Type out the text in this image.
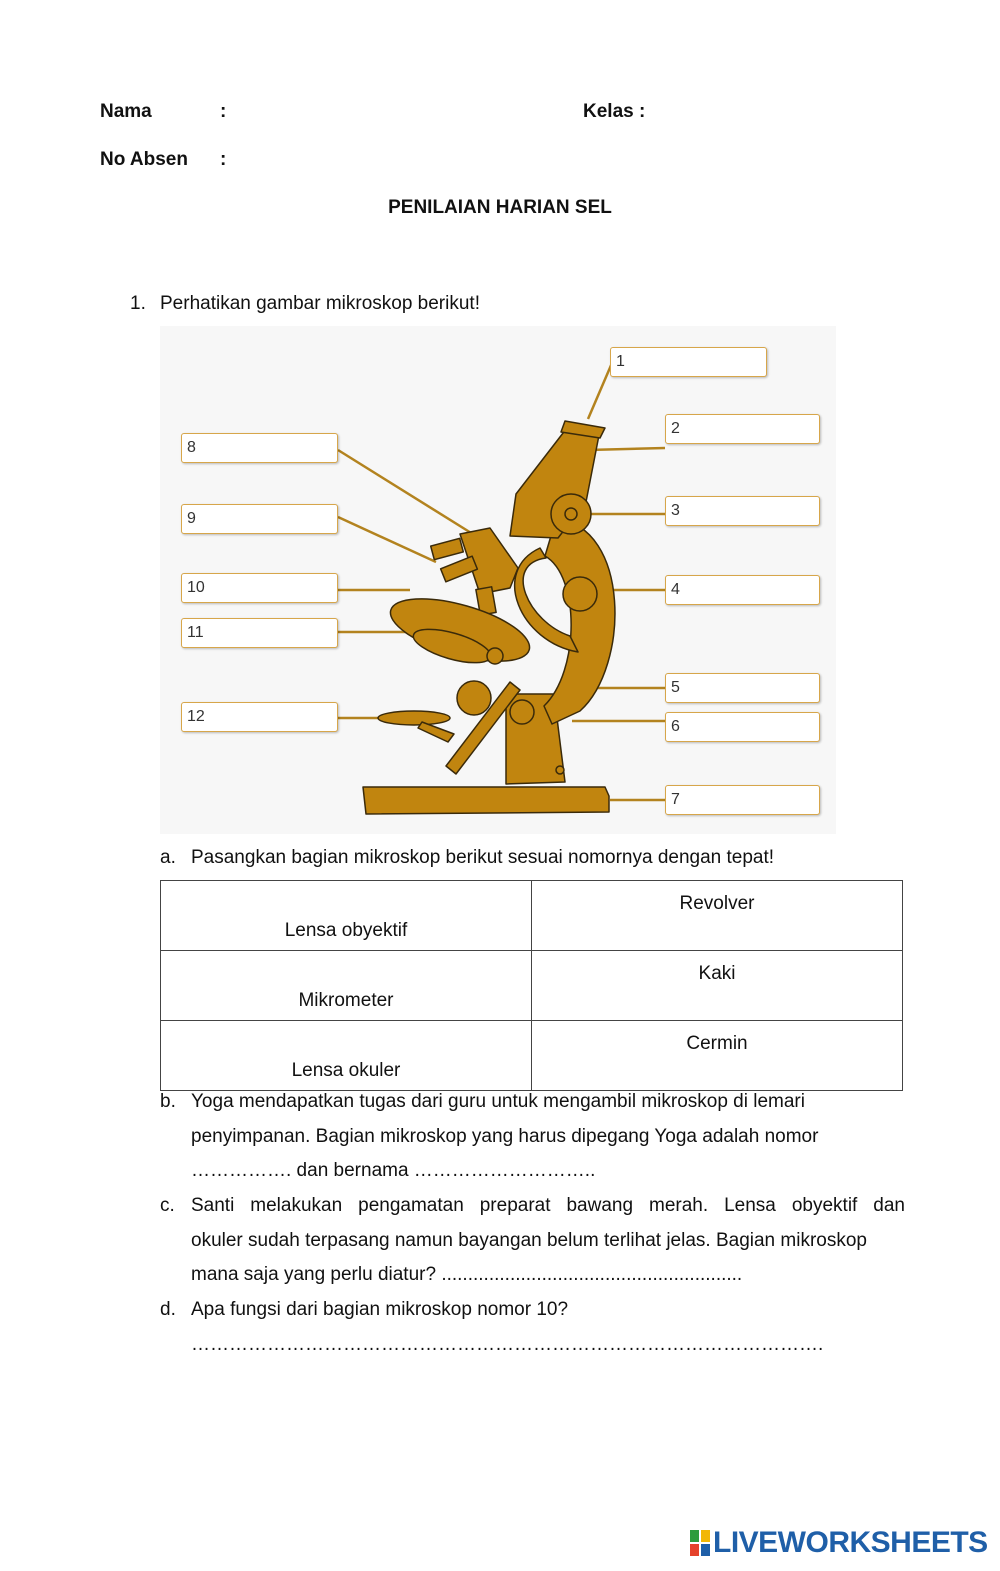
Nama	:	Kelas :
No Absen :
PENILAIAN HARIAN SEL
1. Perhatikan gambar mikroskop berikut!
1
2
3
4
5
6
7
8
9
10
11
12
a. Pasangkan bagian mikroskop berikut sesuai nomornya dengan tepat!
Lensa obyektif	Revolver
Mikrometer	Kaki
Lensa okuler	Cermin
b. Yoga mendapatkan tugas dari guru untuk mengambil mikroskop di lemari
penyimpanan. Bagian mikroskop yang harus dipegang Yoga adalah nomor
……………. dan bernama ………………………..
c. Santi melakukan pengamatan preparat bawang merah. Lensa obyektif dan
okuler sudah terpasang namun bayangan belum terlihat jelas. Bagian mikroskop
mana saja yang perlu diatur? .........................................................
d. Apa fungsi dari bagian mikroskop nomor 10?
……………………………………………………………………………………….
LIVEWORKSHEETS
